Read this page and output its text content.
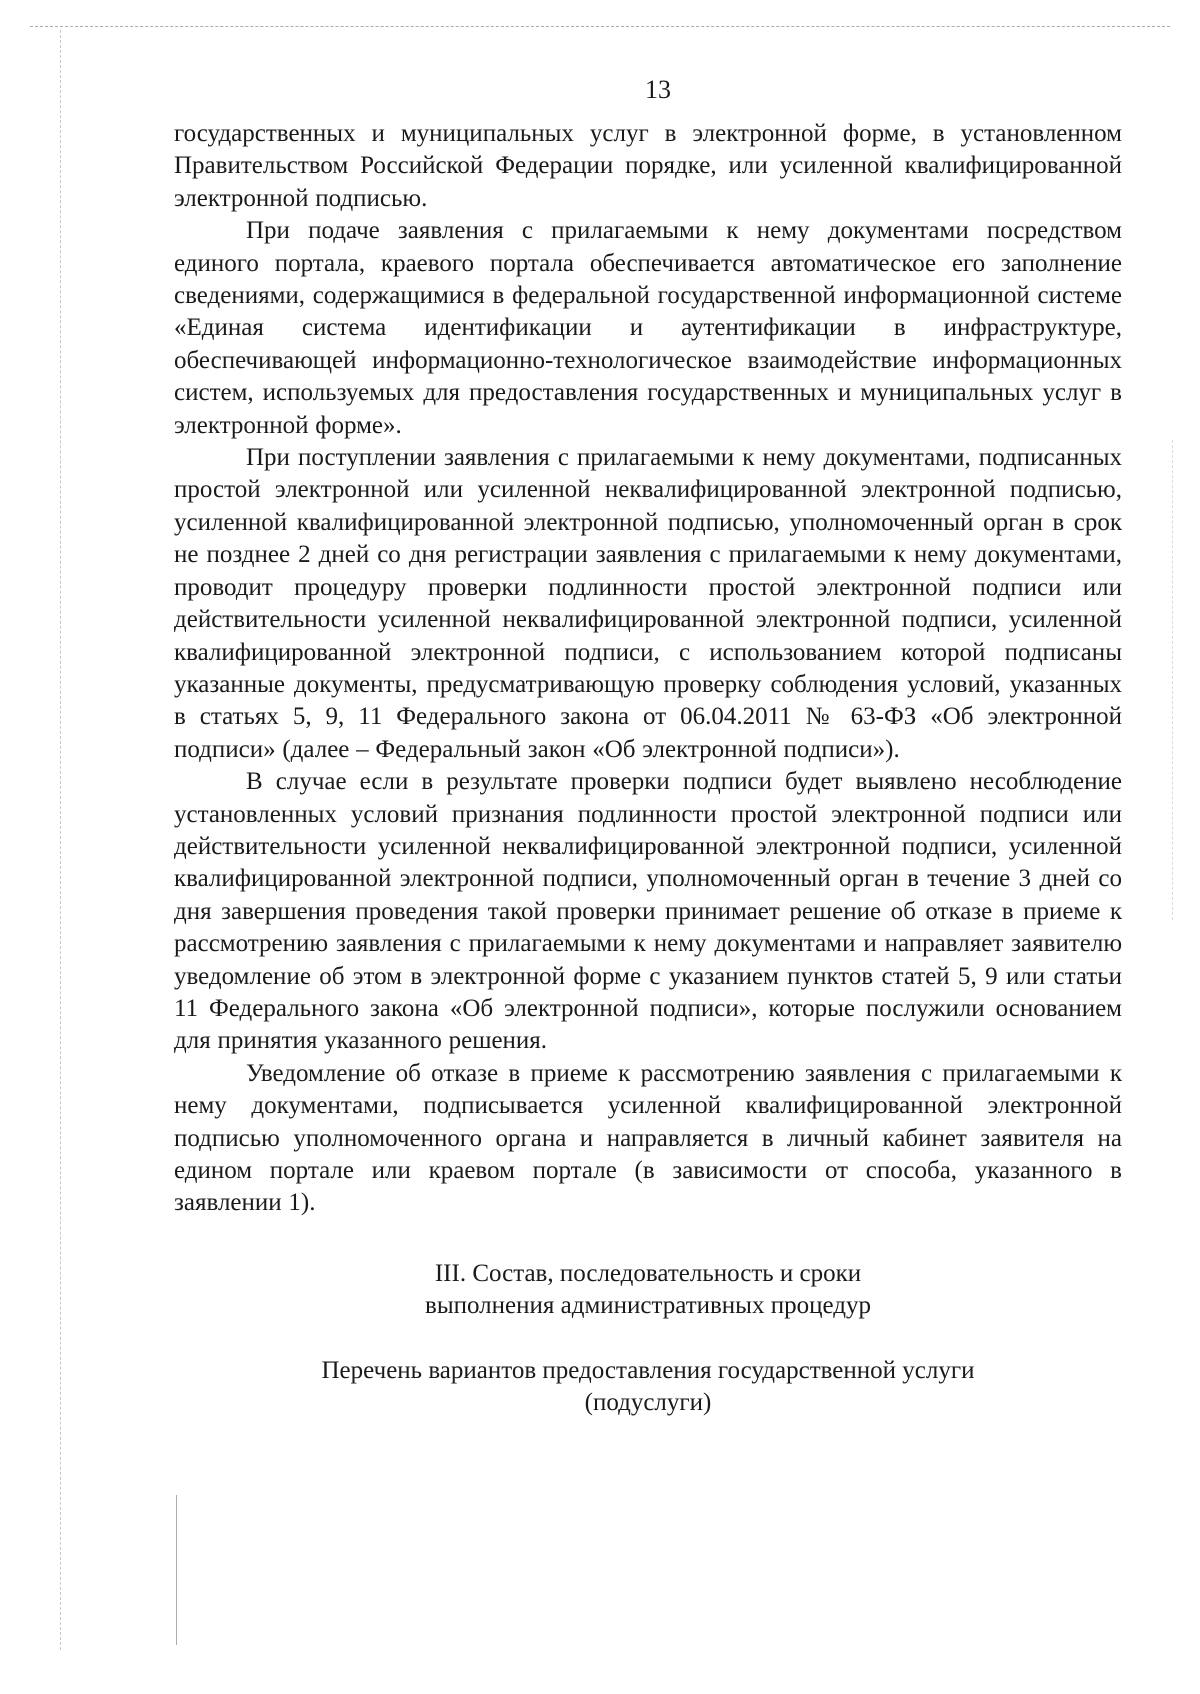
13

государственных и муниципальных услуг в электронной форме, в установленном Правительством Российской Федерации порядке, или усиленной квалифицированной электронной подписью.

При подаче заявления с прилагаемыми к нему документами посредством единого портала, краевого портала обеспечивается автоматическое его заполнение сведениями, содержащимися в федеральной государственной информационной системе «Единая система идентификации и аутентификации в инфраструктуре, обеспечивающей информационно-технологическое взаимодействие информационных систем, используемых для предоставления государственных и муниципальных услуг в электронной форме».

При поступлении заявления с прилагаемыми к нему документами, подписанных простой электронной или усиленной неквалифицированной электронной подписью, усиленной квалифицированной электронной подписью, уполномоченный орган в срок не позднее 2 дней со дня регистрации заявления с прилагаемыми к нему документами, проводит процедуру проверки подлинности простой электронной подписи или действительности усиленной неквалифицированной электронной подписи, усиленной квалифицированной электронной подписи, с использованием которой подписаны указанные документы, предусматривающую проверку соблюдения условий, указанных в статьях 5, 9, 11 Федерального закона от 06.04.2011 № 63-ФЗ «Об электронной подписи» (далее – Федеральный закон «Об электронной подписи»).

В случае если в результате проверки подписи будет выявлено несоблюдение установленных условий признания подлинности простой электронной подписи или действительности усиленной неквалифицированной электронной подписи, усиленной квалифицированной электронной подписи, уполномоченный орган в течение 3 дней со дня завершения проведения такой проверки принимает решение об отказе в приеме к рассмотрению заявления с прилагаемыми к нему документами и направляет заявителю уведомление об этом в электронной форме с указанием пунктов статей 5, 9 или статьи 11 Федерального закона «Об электронной подписи», которые послужили основанием для принятия указанного решения.

Уведомление об отказе в приеме к рассмотрению заявления с прилагаемыми к нему документами, подписывается усиленной квалифицированной электронной подписью уполномоченного органа и направляется в личный кабинет заявителя на едином портале или краевом портале (в зависимости от способа, указанного в заявлении 1).

III. Состав, последовательность и сроки
выполнения административных процедур
Перечень вариантов предоставления государственной услуги
(подуслуги)
